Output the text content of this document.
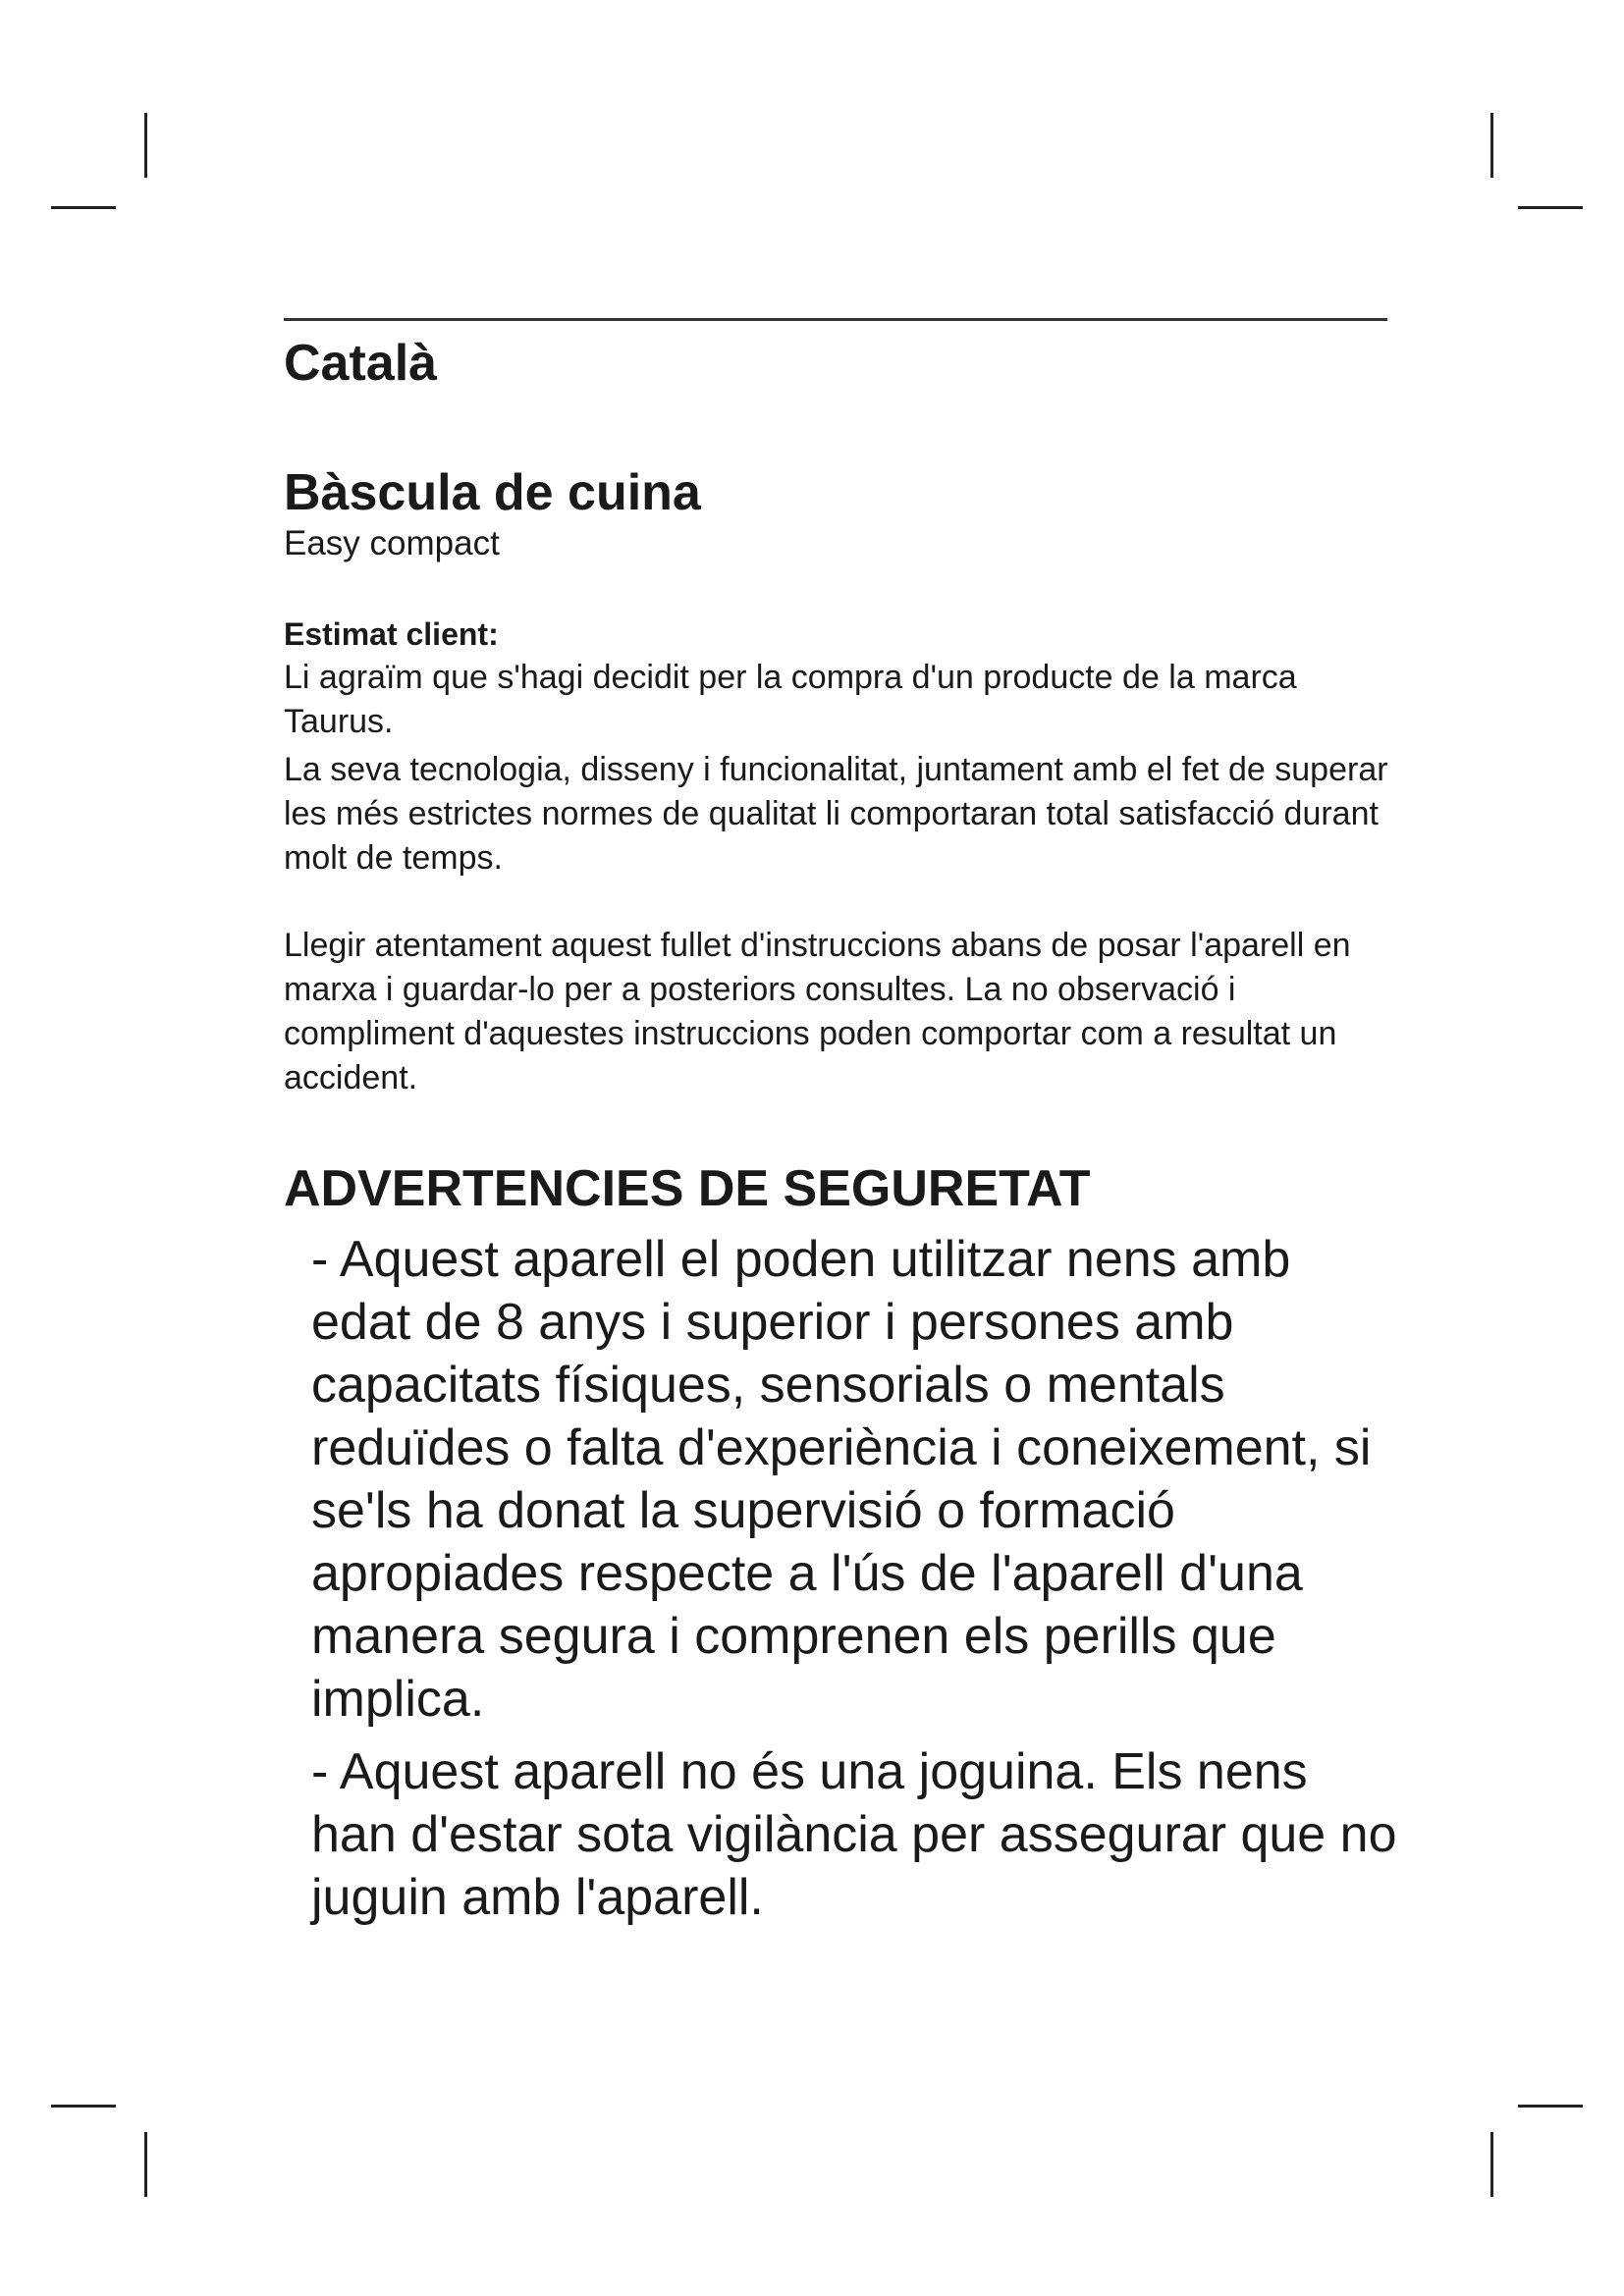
Català
Bàscula de cuina

Easy compact

Estimat client:

Li agraïm que s'hagi decidit per la compra d'un producte de la marca Taurus.

La seva tecnologia, disseny i funcionalitat, juntament amb el fet de superar les més estrictes normes de qualitat li comportaran total satisfacció durant molt de temps.

Llegir atentament aquest fullet d'instruccions abans de posar l'aparell en marxa i guardar-lo per a posteriors consultes. La no observació i compliment d'aquestes instruccions poden comportar com a resultat un accident.

ADVERTENCIES DE SEGURETAT
- Aquest aparell el poden utilitzar nens amb edat de 8 anys i superior i persones amb capacitats físiques, sensorials o mentals reduïdes o falta d'experiència i coneixement, si se'ls ha donat la supervisió o formació apropiades respecte a l'ús de l'aparell d'una manera segura i comprenen els perills que implica.
- Aquest aparell no és una joguina. Els nens han d'estar sota vigilància per assegurar que no juguin amb l'aparell.
